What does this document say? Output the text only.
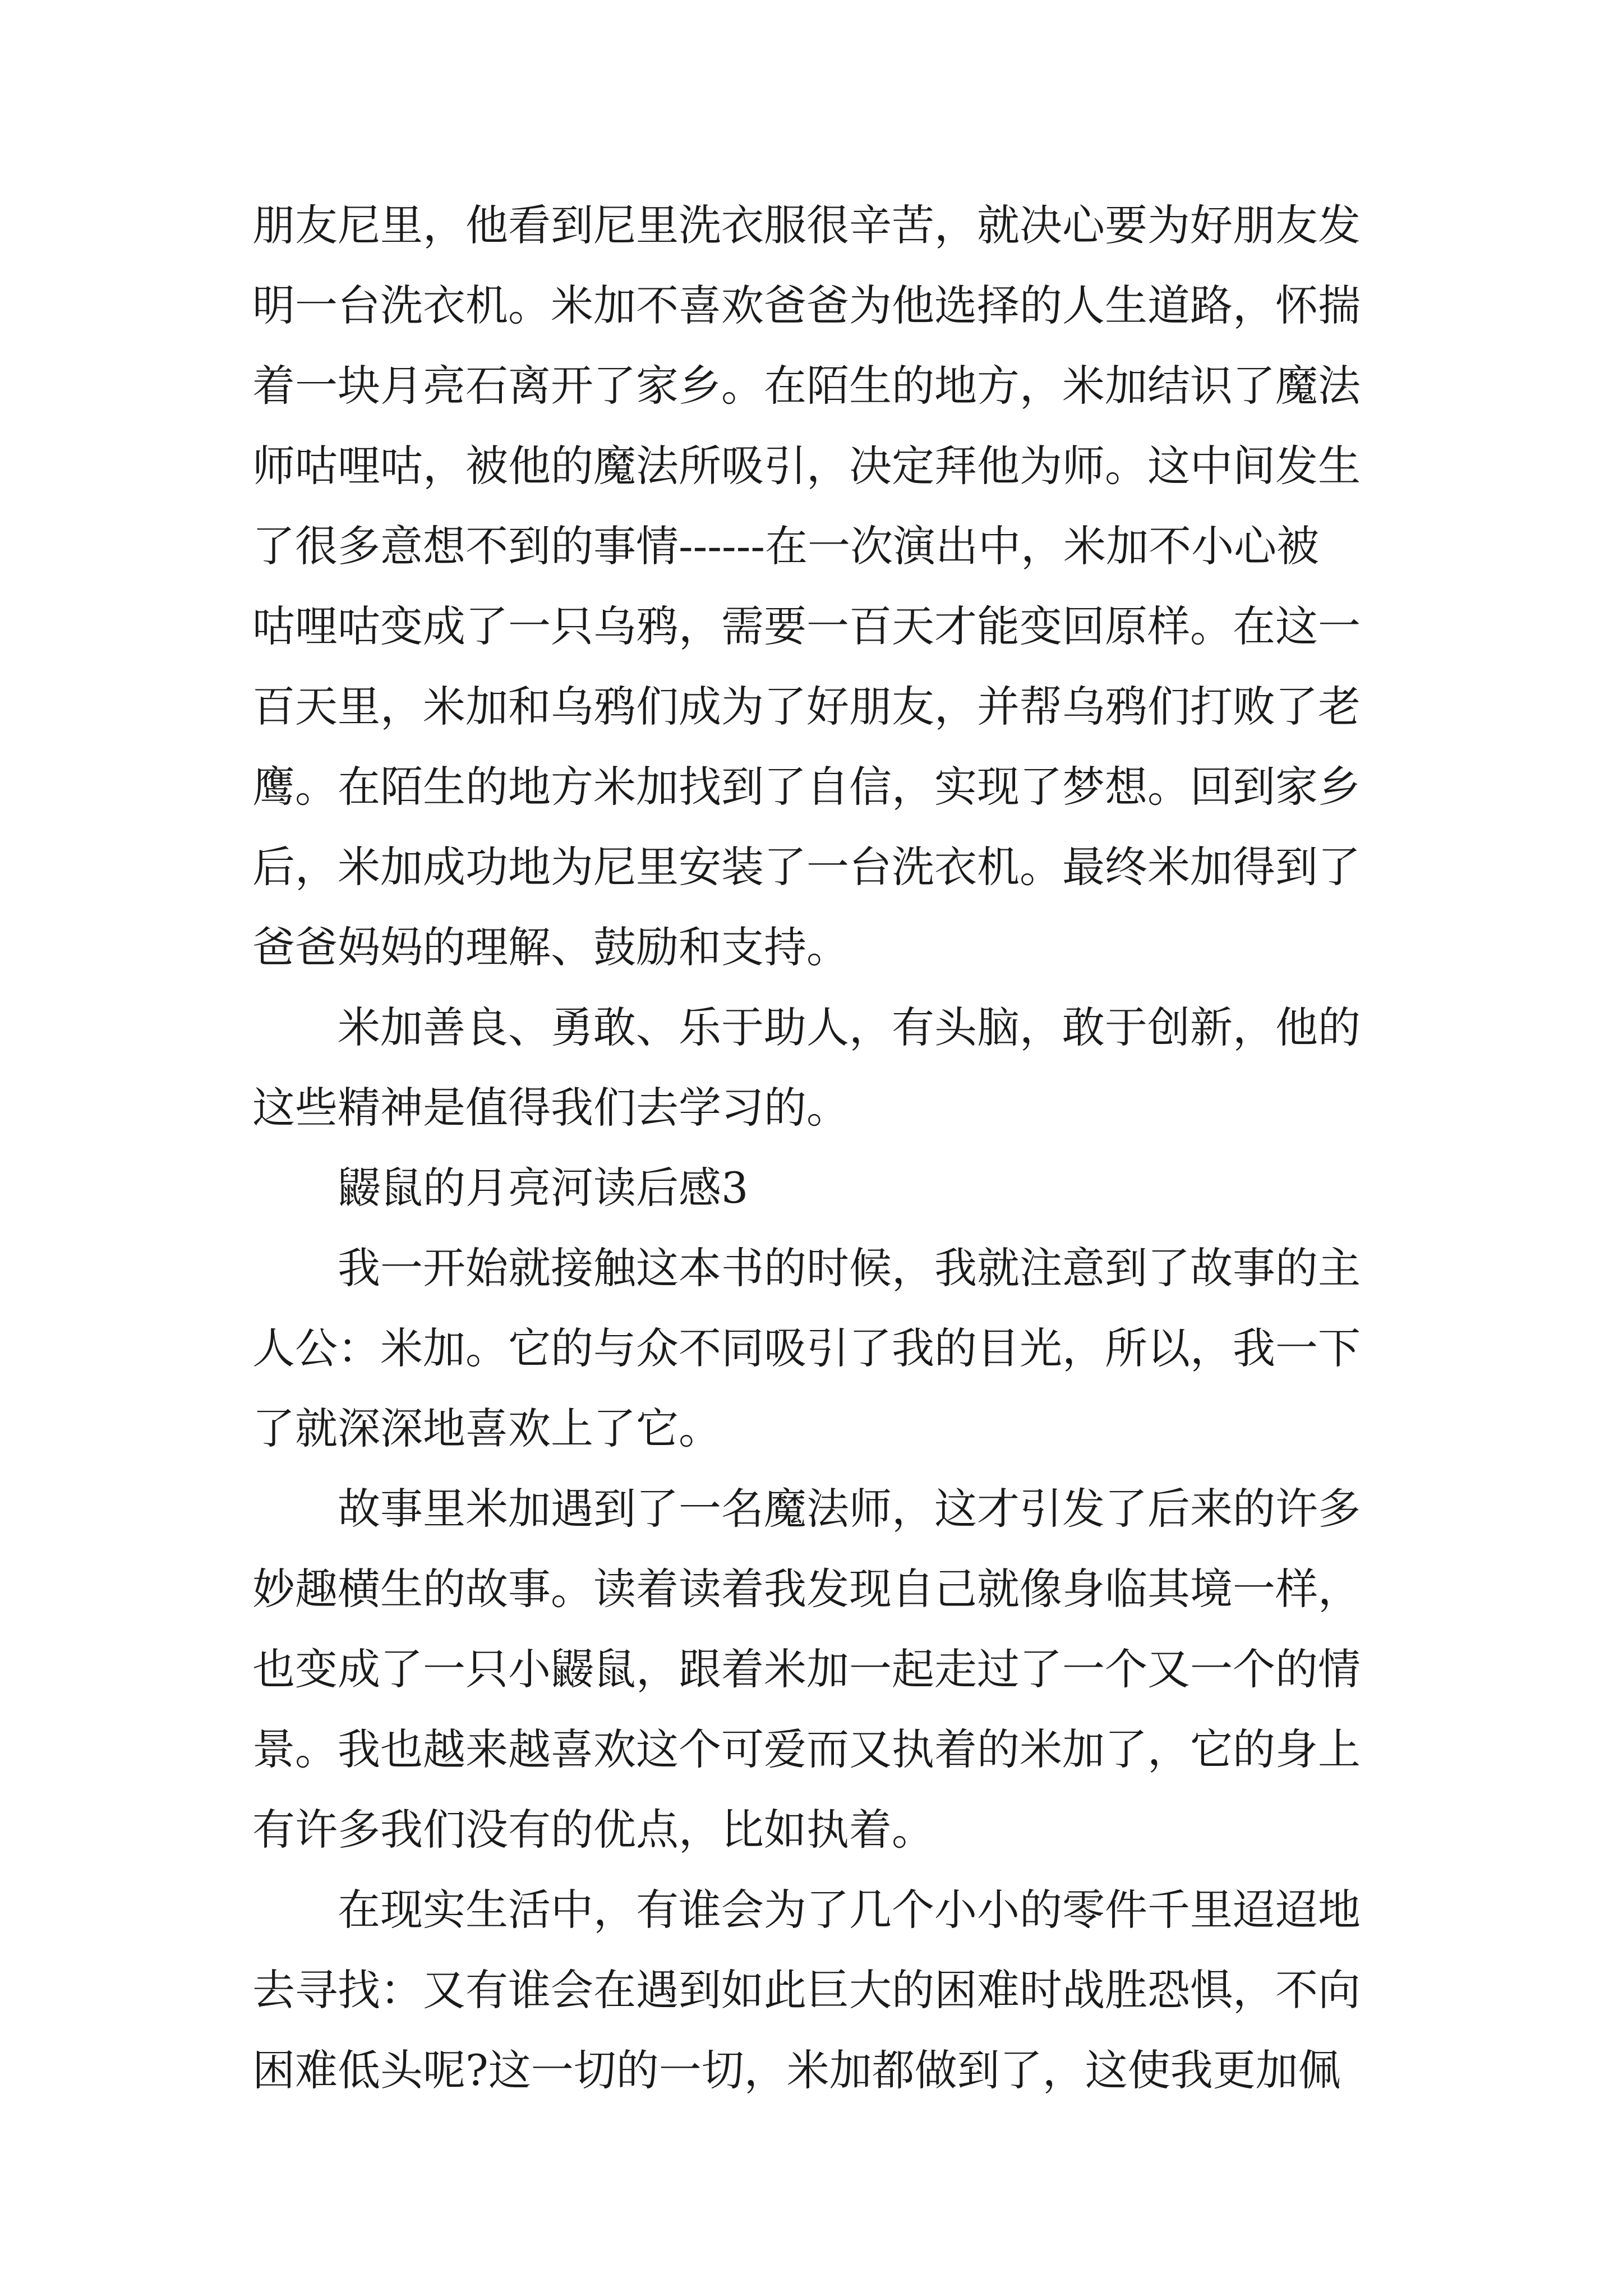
朋友尼里，他看到尼里洗衣服很辛苦，就决心要为好朋友发
明一台洗衣机。米加不喜欢爸爸为他选择的人生道路，怀揣
着一块月亮石离开了家乡。在陌生的地方，米加结识了魔法
师咕哩咕，被他的魔法所吸引，决定拜他为师。这中间发生
了很多意想不到的事情------在一次演出中，米加不小心被
咕哩咕变成了一只乌鸦，需要一百天才能变回原样。在这一
百天里，米加和乌鸦们成为了好朋友，并帮乌鸦们打败了老
鹰。在陌生的地方米加找到了自信，实现了梦想。回到家乡
后，米加成功地为尼里安装了一台洗衣机。最终米加得到了
爸爸妈妈的理解、鼓励和支持。
米加善良、勇敢、乐于助人，有头脑，敢于创新，他的
这些精神是值得我们去学习的。
鼹鼠的月亮河读后感3
我一开始就接触这本书的时候，我就注意到了故事的主
人公：米加。它的与众不同吸引了我的目光，所以，我一下
了就深深地喜欢上了它。
故事里米加遇到了一名魔法师，这才引发了后来的许多
妙趣横生的故事。读着读着我发现自己就像身临其境一样，
也变成了一只小鼹鼠，跟着米加一起走过了一个又一个的情
景。我也越来越喜欢这个可爱而又执着的米加了，它的身上
有许多我们没有的优点，比如执着。
在现实生活中，有谁会为了几个小小的零件千里迢迢地
去寻找：又有谁会在遇到如此巨大的困难时战胜恐惧，不向
困难低头呢?这一切的一切，米加都做到了，这使我更加佩
